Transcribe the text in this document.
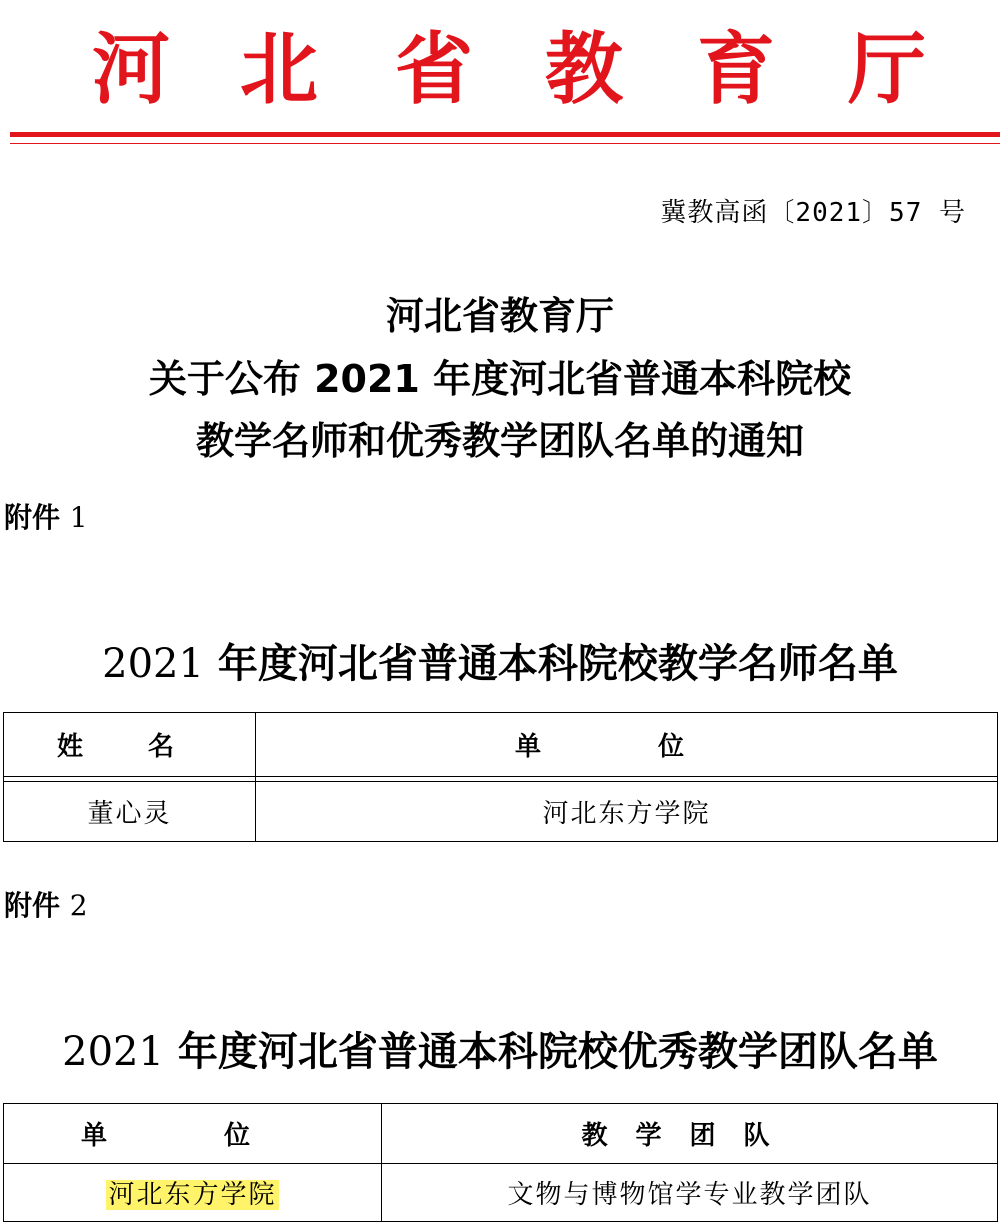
河 北 省 教 育 厅
冀教高函〔2021〕57 号
河北省教育厅
关于公布 2021 年度河北省普通本科院校
教学名师和优秀教学团队名单的通知
附件 1
2021 年度河北省普通本科院校教学名师名单
姓 名	单 位

董心灵	河北东方学院
附件 2
2021 年度河北省普通本科院校优秀教学团队名单
单 位	教学团队
河北东方学院	文物与博物馆学专业教学团队
